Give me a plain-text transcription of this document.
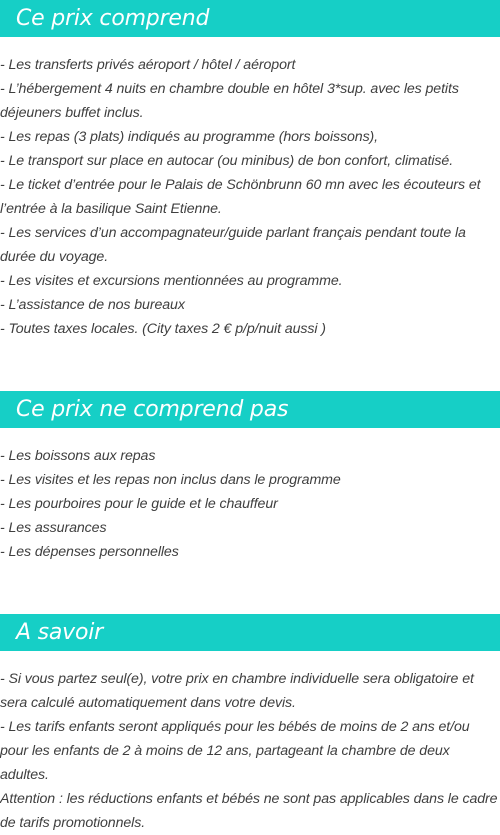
Ce prix comprend
- Les transferts privés aéroport / hôtel / aéroport
- L’hébergement 4 nuits en chambre double en hôtel 3*sup. avec les petits déjeuners buffet inclus.
- Les repas (3 plats) indiqués au programme (hors boissons),
- Le transport sur place en autocar (ou minibus) de bon confort, climatisé.
- Le ticket d’entrée pour le Palais de Schönbrunn 60 mn avec les écouteurs et l’entrée à la basilique Saint Etienne.
- Les services d’un accompagnateur/guide parlant français pendant toute la durée du voyage.
- Les visites et excursions mentionnées au programme.
- L’assistance de nos bureaux
- Toutes taxes locales. (City taxes 2 € p/p/nuit aussi )
Ce prix ne comprend pas
- Les boissons aux repas
- Les visites et les repas non inclus dans le programme
- Les pourboires pour le guide et le chauffeur
- Les assurances
- Les dépenses personnelles
A savoir
- Si vous partez seul(e), votre prix en chambre individuelle sera obligatoire et sera calculé automatiquement dans votre devis.
- Les tarifs enfants seront appliqués pour les bébés de moins de 2 ans et/ou pour les enfants de 2 à moins de 12 ans, partageant la chambre de deux adultes.
Attention : les réductions enfants et bébés ne sont pas applicables dans le cadre de tarifs promotionnels.
